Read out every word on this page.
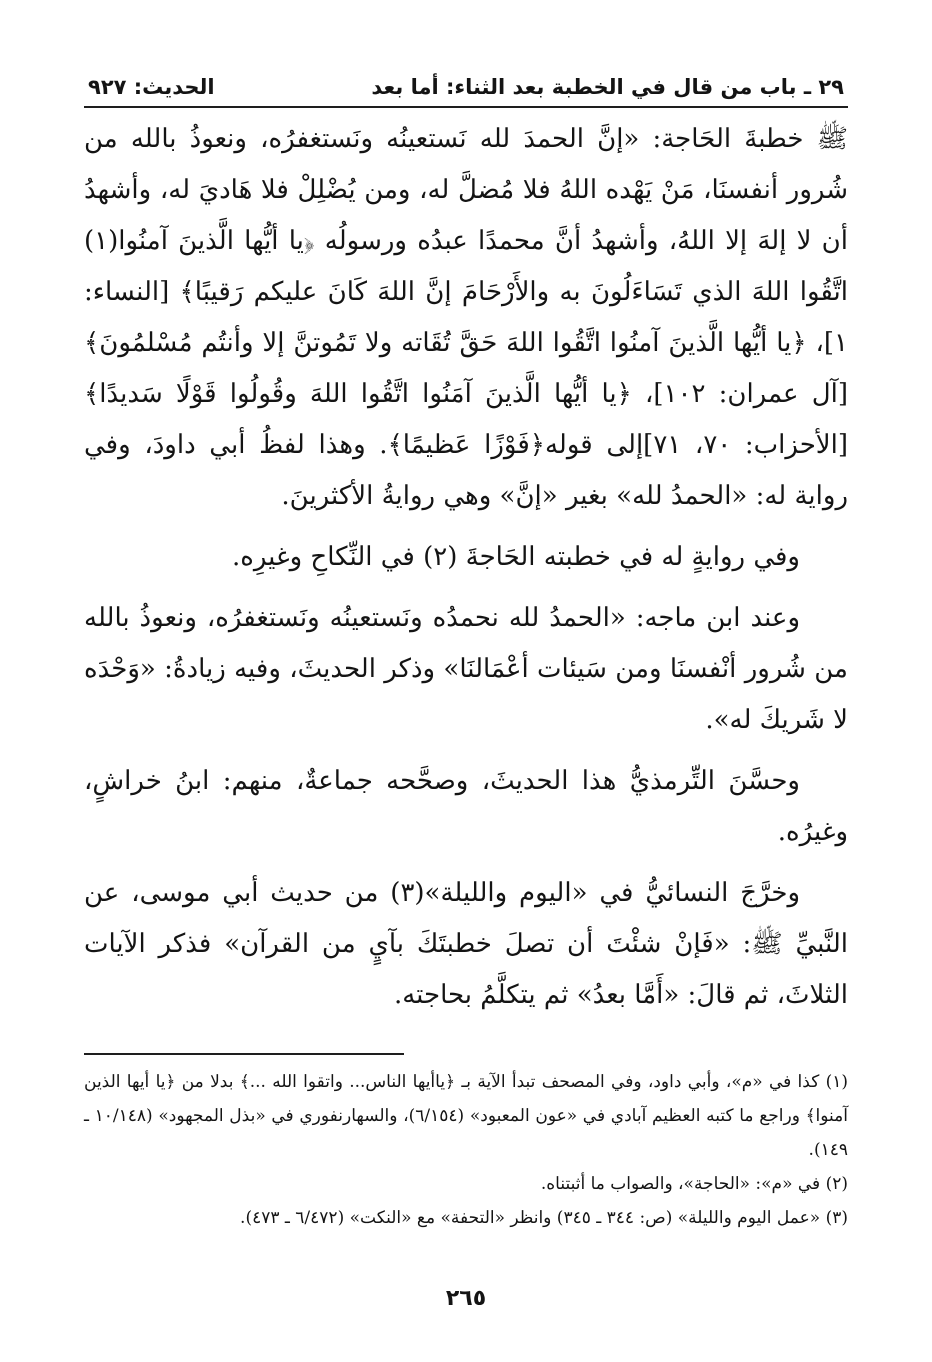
٢٩ ـ باب من قال في الخطبة بعد الثناء: أما بعد
الحديث: ٩٢٧

ﷺ خطبةَ الحَاجة: «إنَّ الحمدَ لله نَستعينُه ونَستغفرُه، ونعوذُ بالله من شُرور أنفسنَا، مَنْ يَهْده اللهُ فلا مُضلَّ له، ومن يُضْلِلْ فلا هَاديَ له، وأشهدُ أن لا إلهَ إلا اللهُ، وأشهدُ أنَّ محمدًا عبدُه ورسولُه ﴿يا أيُّها الَّذينَ آمنُوا(١) اتَّقُوا اللهَ الذي تَسَاءَلُونَ به والأَرْحَامَ إنَّ اللهَ كَانَ عليكم رَقيبًا﴾ [النساء: ١]، ﴿يا أيُّها الَّذينَ آمنُوا اتَّقُوا اللهَ حَقَّ تُقَاته ولا تَمُوتنَّ إلا وأنتُم مُسْلمُونَ﴾ [آل عمران: ١٠٢]، ﴿يا أيُّها الَّذينَ آمَنُوا اتَّقُوا اللهَ وقُولُوا قَوْلًا سَديدًا﴾[الأحزاب: ٧٠، ٧١]إلى قوله﴿فَوْزًا عَظيمًا﴾. وهذا لفظُ أبي داودَ، وفي رواية له: «الحمدُ لله» بغير «إنَّ» وهي روايةُ الأكثرينَ.

وفي روايةٍ له في خطبته الحَاجةَ (٢) في النِّكاحِ وغيرِه.

وعند ابن ماجه: «الحمدُ لله نحمدُه ونَستعينُه ونَستغفرُه، ونعوذُ بالله من شُرور أنْفسنَا ومن سَيئات أعْمَالنَا» وذكر الحديثَ، وفيه زيادةُ: «وَحْدَه لا شَريكَ له».

وحسَّنَ التِّرمذيُّ هذا الحديثَ، وصحَّحه جماعةٌ، منهم: ابنُ خراشٍ، وغيرُه.

وخرَّجَ النسائيُّ في «اليوم والليلة»(٣) من حديث أبي موسى، عن النَّبيِّ ﷺ: «فَإنْ شئْتَ أن تصلَ خطبتَكَ بآيٍ من القرآن» فذكر الآيات الثلاثَ، ثم قالَ: «أَمَّا بعدُ» ثم يتكلَّمُ بحاجته.

(١) كذا في «م»، وأبي داود، وفي المصحف تبدأ الآية بـ ﴿ياأيها الناس... واتقوا الله ...﴾ بدلا من ﴿يا أيها الذين آمنوا﴾ وراجع ما كتبه العظيم آبادي في «عون المعبود» (٦/١٥٤)، والسهارنفوري في «بذل المجهود» (١٠/١٤٨ ـ ١٤٩).

(٢) في «م»: «الحاجة»، والصواب ما أثبتناه.

(٣) «عمل اليوم والليلة» (ص: ٣٤٤ ـ ٣٤٥) وانظر «التحفة» مع «النكت» (٦/٤٧٢ ـ ٤٧٣).

٢٦٥
